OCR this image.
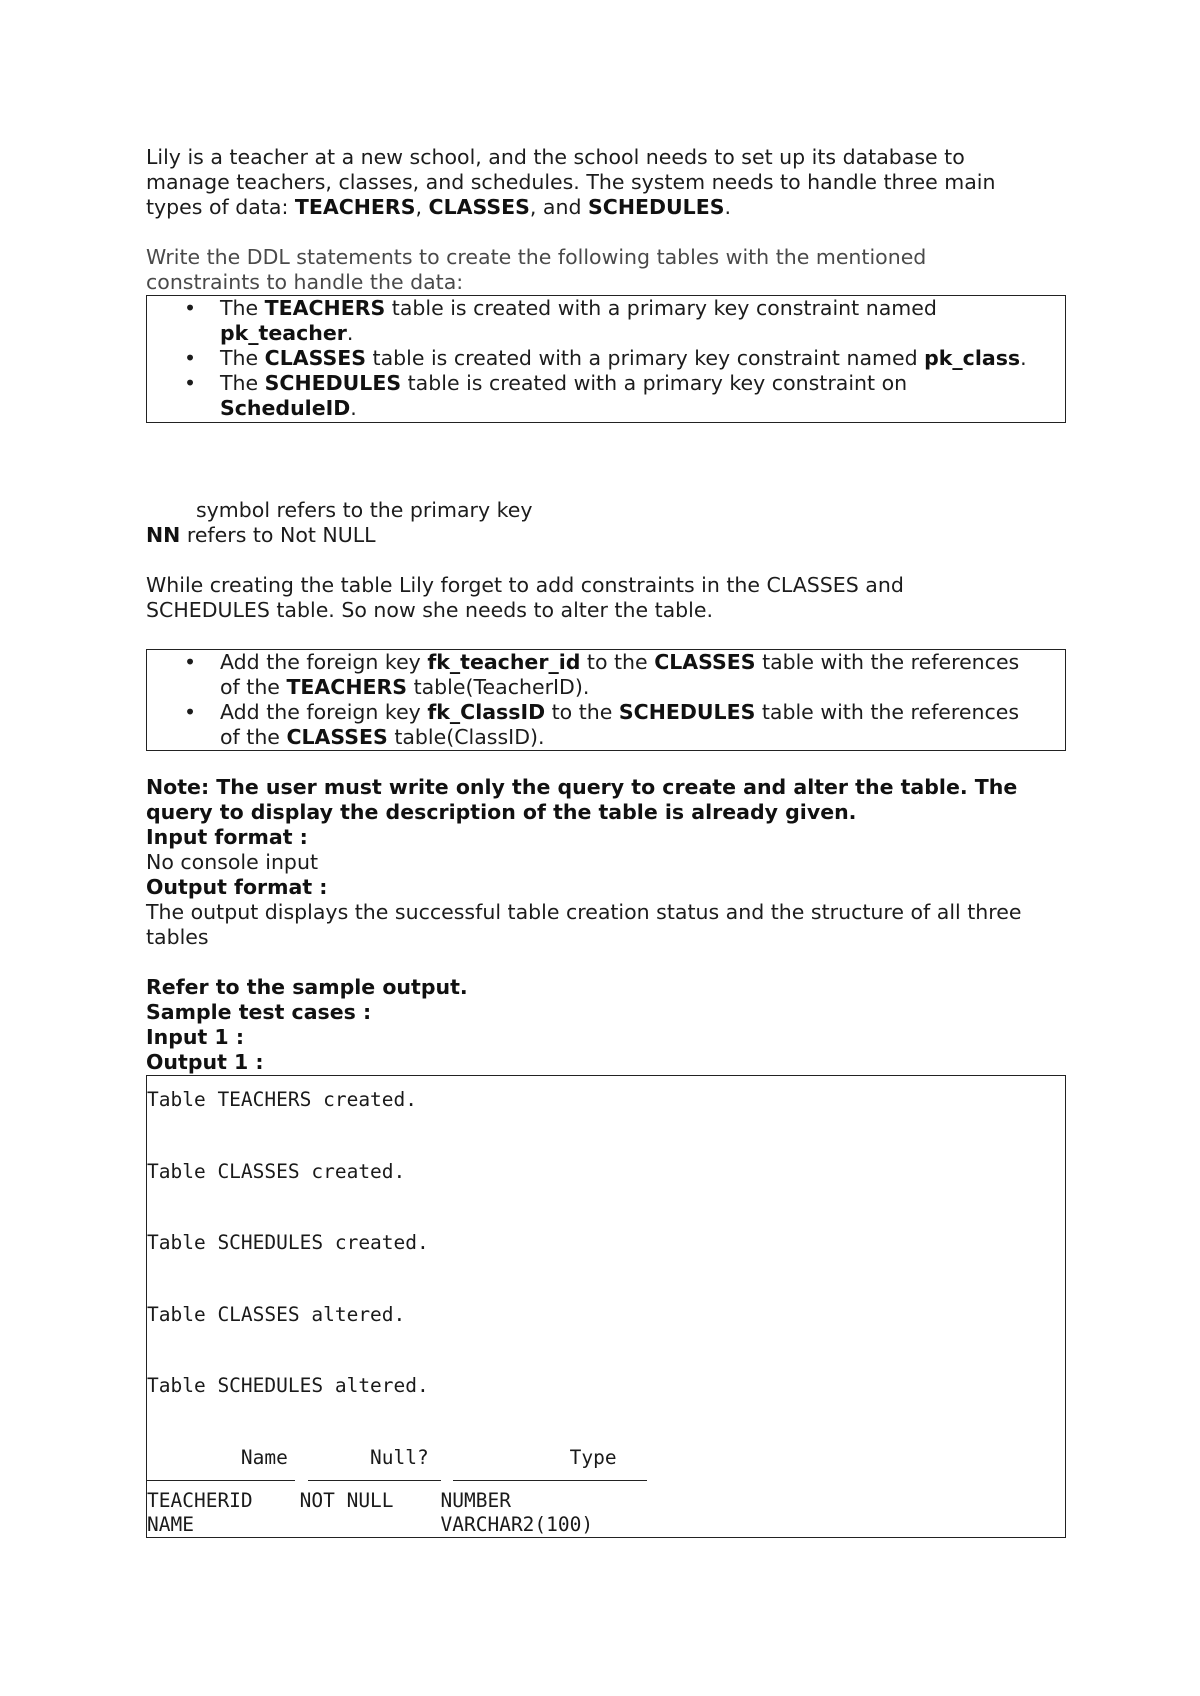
Lily is a teacher at a new school, and the school needs to set up its database to

manage teachers, classes, and schedules. The system needs to handle three main

types of data: TEACHERS, CLASSES, and SCHEDULES.

Write the DDL statements to create the following tables with the mentioned

constraints to handle the data:

• The TEACHERS table is created with a primary key constraint named
pk_teacher.
• The CLASSES table is created with a primary key constraint named pk_class.
• The SCHEDULES table is created with a primary key constraint on
ScheduleID.

symbol refers to the primary key

NN refers to Not NULL

While creating the table Lily forget to add constraints in the CLASSES and

SCHEDULES table. So now she needs to alter the table.

• Add the foreign key fk_teacher_id to the CLASSES table with the references
of the TEACHERS table(TeacherID).
• Add the foreign key fk_ClassID to the SCHEDULES table with the references
of the CLASSES table(ClassID).

Note: The user must write only the query to create and alter the table. The

query to display the description of the table is already given.

Input format :

No console input

Output format :

The output displays the successful table creation status and the structure of all three

tables

Refer to the sample output.

Sample test cases :

Input 1 :

Output 1 :

Table TEACHERS created.
Table CLASSES created.
Table SCHEDULES created.
Table CLASSES altered.
Table SCHEDULES altered.
Name       Null?            Type
TEACHERID    NOT NULL    NUMBER
NAME                     VARCHAR2(100)
